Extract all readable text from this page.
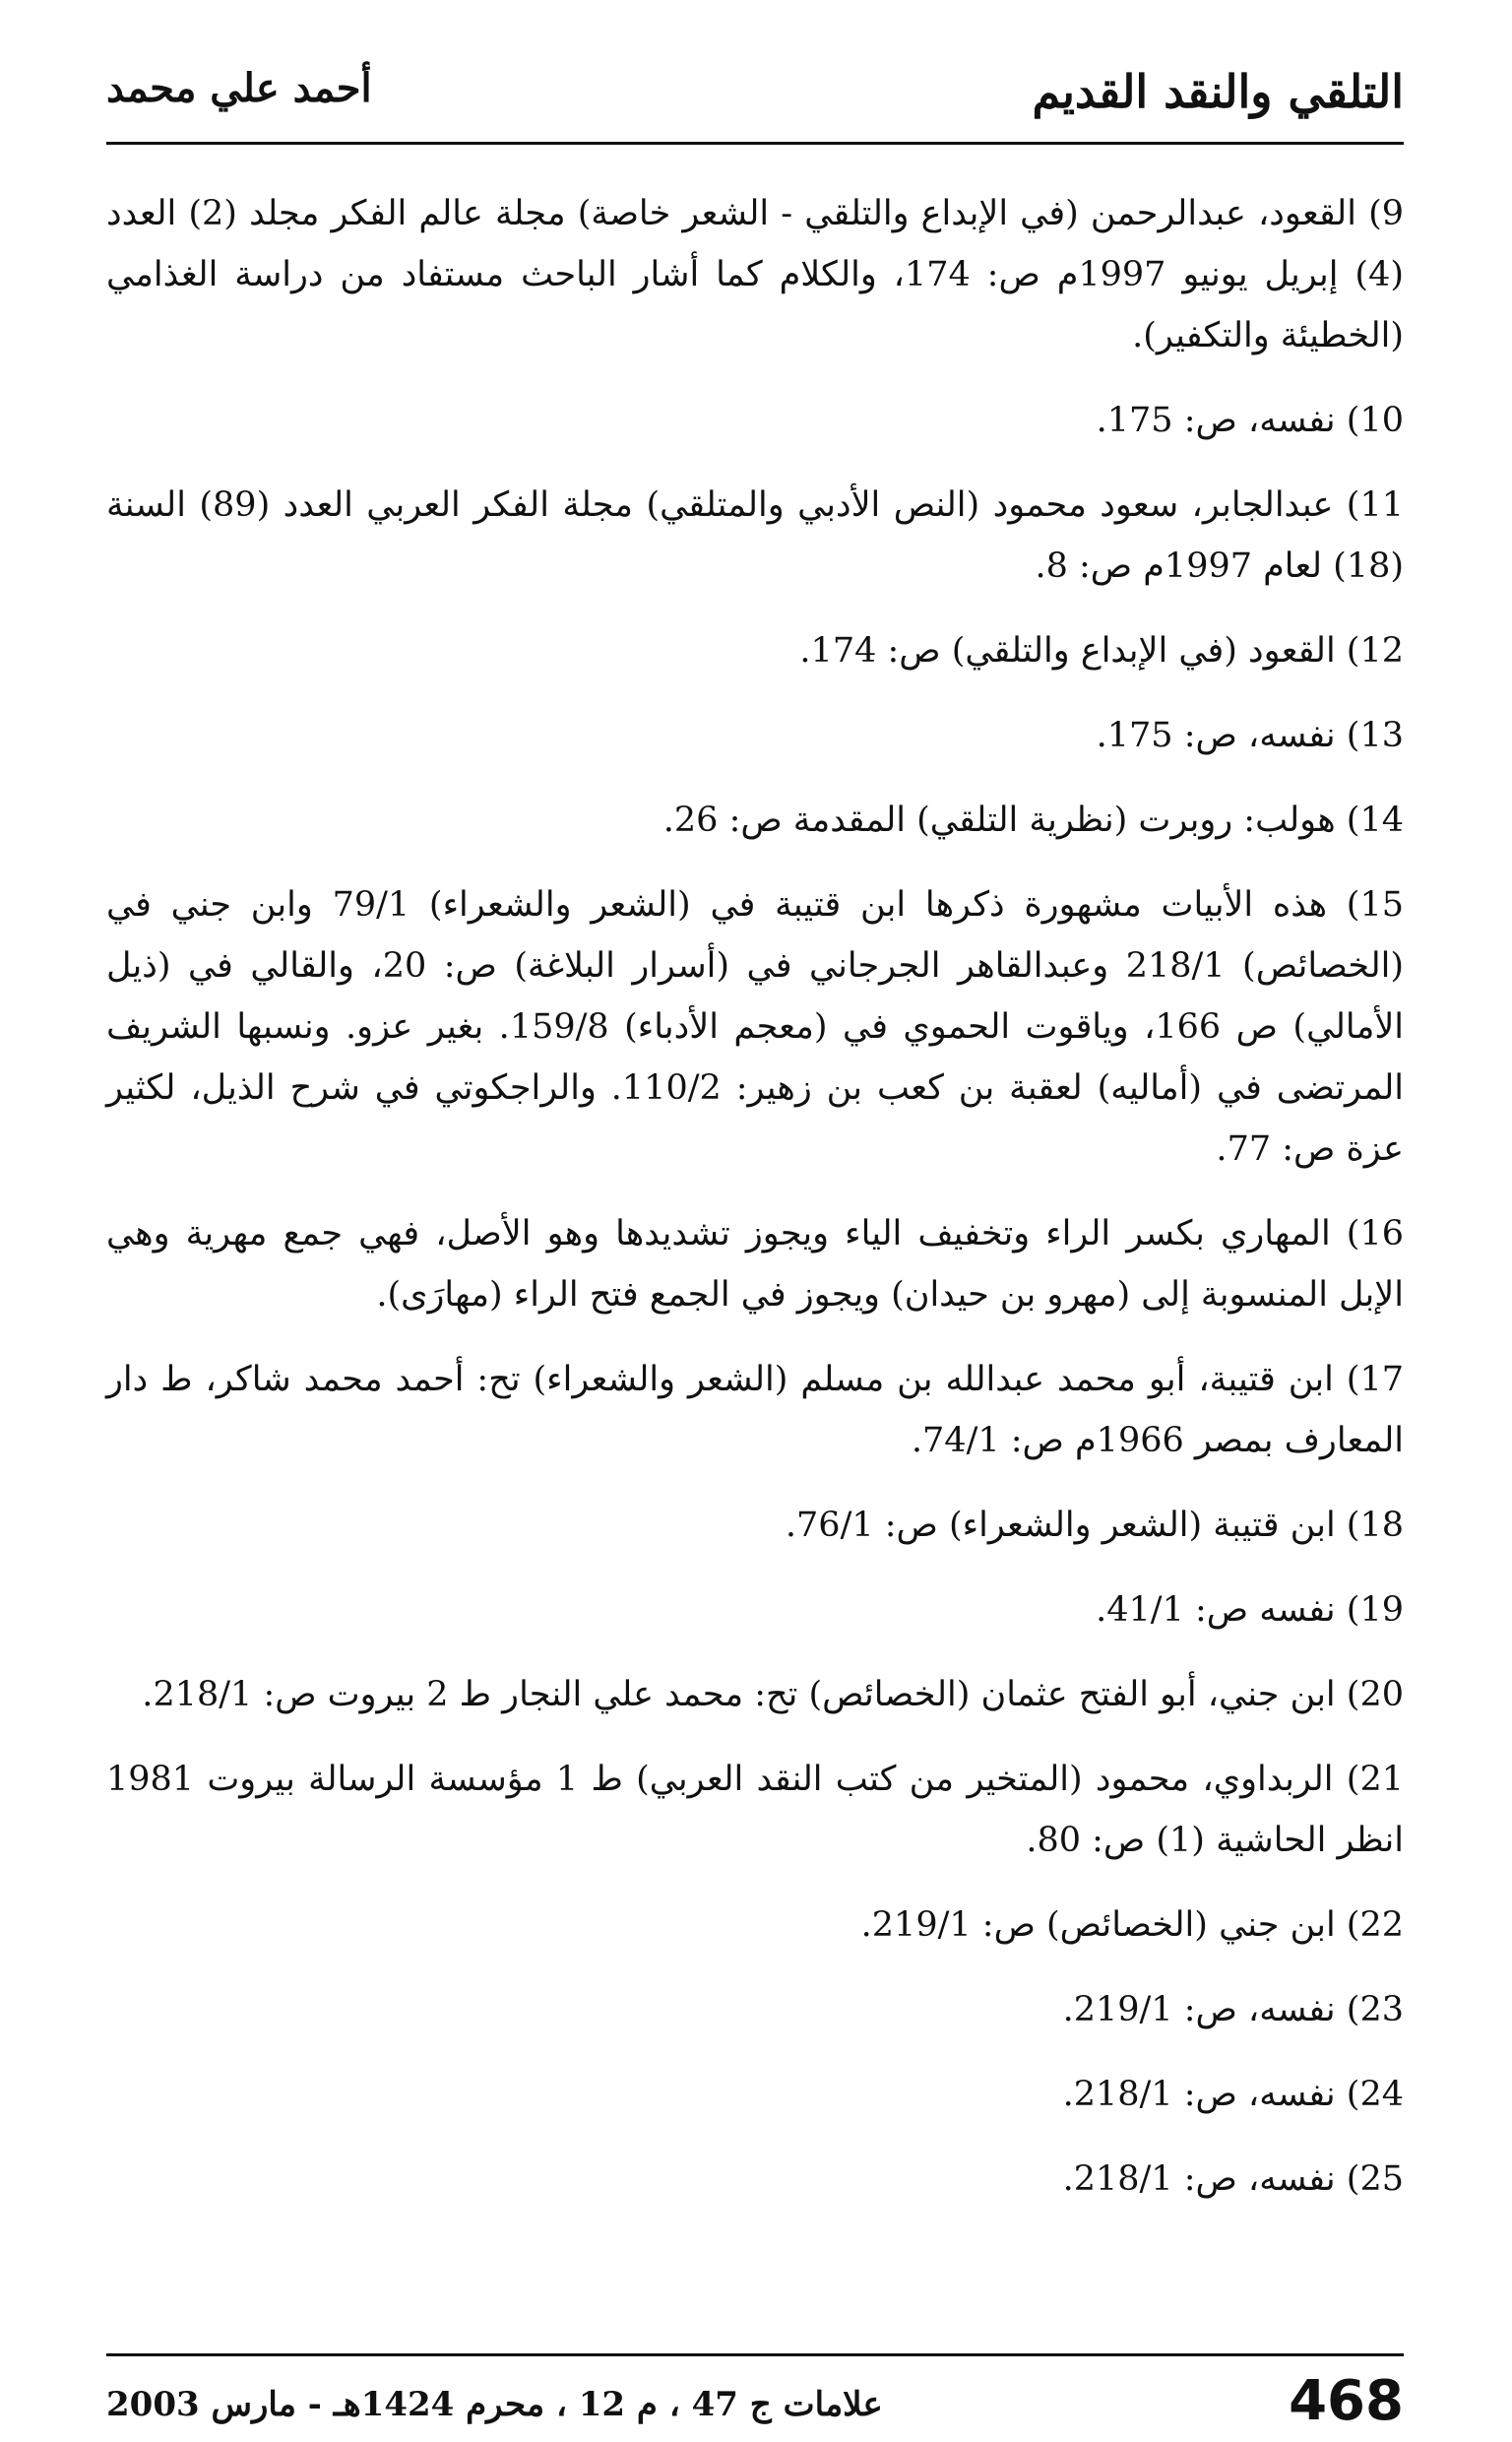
التلقي والنقد القديم
أحمد علي محمد

9) القعود، عبدالرحمن (في الإبداع والتلقي - الشعر خاصة) مجلة عالم الفكر مجلد (2) العدد (4) إبريل يونيو 1997م ص: 174، والكلام كما أشار الباحث مستفاد من دراسة الغذامي (الخطيئة والتكفير).

10) نفسه، ص: 175.

11) عبدالجابر، سعود محمود (النص الأدبي والمتلقي) مجلة الفكر العربي العدد (89) السنة (18) لعام 1997م ص: 8.

12) القعود (في الإبداع والتلقي) ص: 174.

13) نفسه، ص: 175.

14) هولب: روبرت (نظرية التلقي) المقدمة ص: 26.

15) هذه الأبيات مشهورة ذكرها ابن قتيبة في (الشعر والشعراء) 79/1 وابن جني في (الخصائص) 218/1 وعبدالقاهر الجرجاني في (أسرار البلاغة) ص: 20، والقالي في (ذيل الأمالي) ص 166، وياقوت الحموي في (معجم الأدباء) 159/8. بغير عزو. ونسبها الشريف المرتضى في (أماليه) لعقبة بن كعب بن زهير: 110/2. والراجكوتي في شرح الذيل، لكثير عزة ص: 77.

16) المهاري بكسر الراء وتخفيف الياء ويجوز تشديدها وهو الأصل، فهي جمع مهرية وهي الإبل المنسوبة إلى (مهرو بن حيدان) ويجوز في الجمع فتح الراء (مهارَى).

17) ابن قتيبة، أبو محمد عبدالله بن مسلم (الشعر والشعراء) تح: أحمد محمد شاكر، ط دار المعارف بمصر 1966م ص: 74/1.

18) ابن قتيبة (الشعر والشعراء) ص: 76/1.

19) نفسه ص: 41/1.

20) ابن جني، أبو الفتح عثمان (الخصائص) تح: محمد علي النجار ط 2 بيروت ص: 218/1.

21) الربداوي، محمود (المتخير من كتب النقد العربي) ط 1 مؤسسة الرسالة بيروت 1981 انظر الحاشية (1) ص: 80.

22) ابن جني (الخصائص) ص: 219/1.

23) نفسه، ص: 219/1.

24) نفسه، ص: 218/1.

25) نفسه، ص: 218/1.

468
علامات ج 47 ، م 12 ، محرم 1424هـ - مارس 2003
